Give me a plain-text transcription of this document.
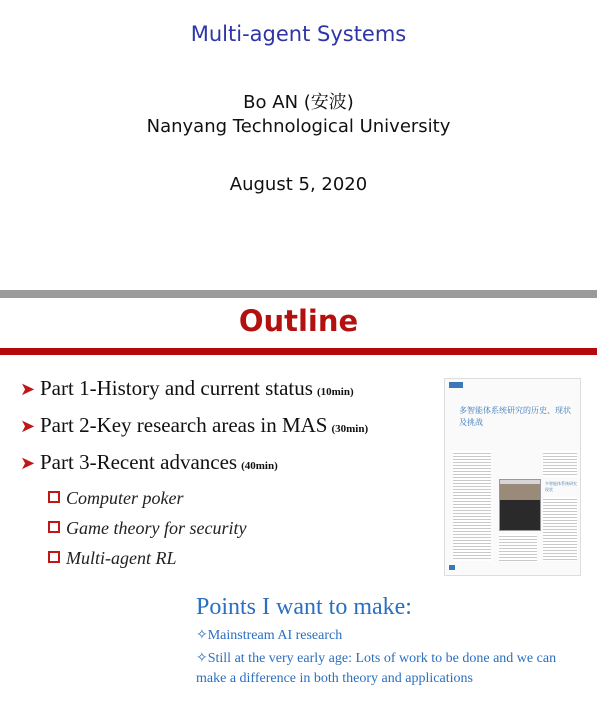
Multi-agent Systems
Bo AN (安波)
Nanyang Technological University
August 5, 2020
Outline
➤ Part 1-History and current status (10min)
➤ Part 2-Key research areas in MAS (30min)
➤ Part 3-Recent advances (40min)
Computer poker
Game theory for security
Multi-agent RL
多智能体系统研究的历史、现状及挑战
多智能体系统研究现状
Points I want to make:
✧Mainstream AI research
✧Still at the very early age: Lots of work to be done and we can make a difference in both theory and applications
